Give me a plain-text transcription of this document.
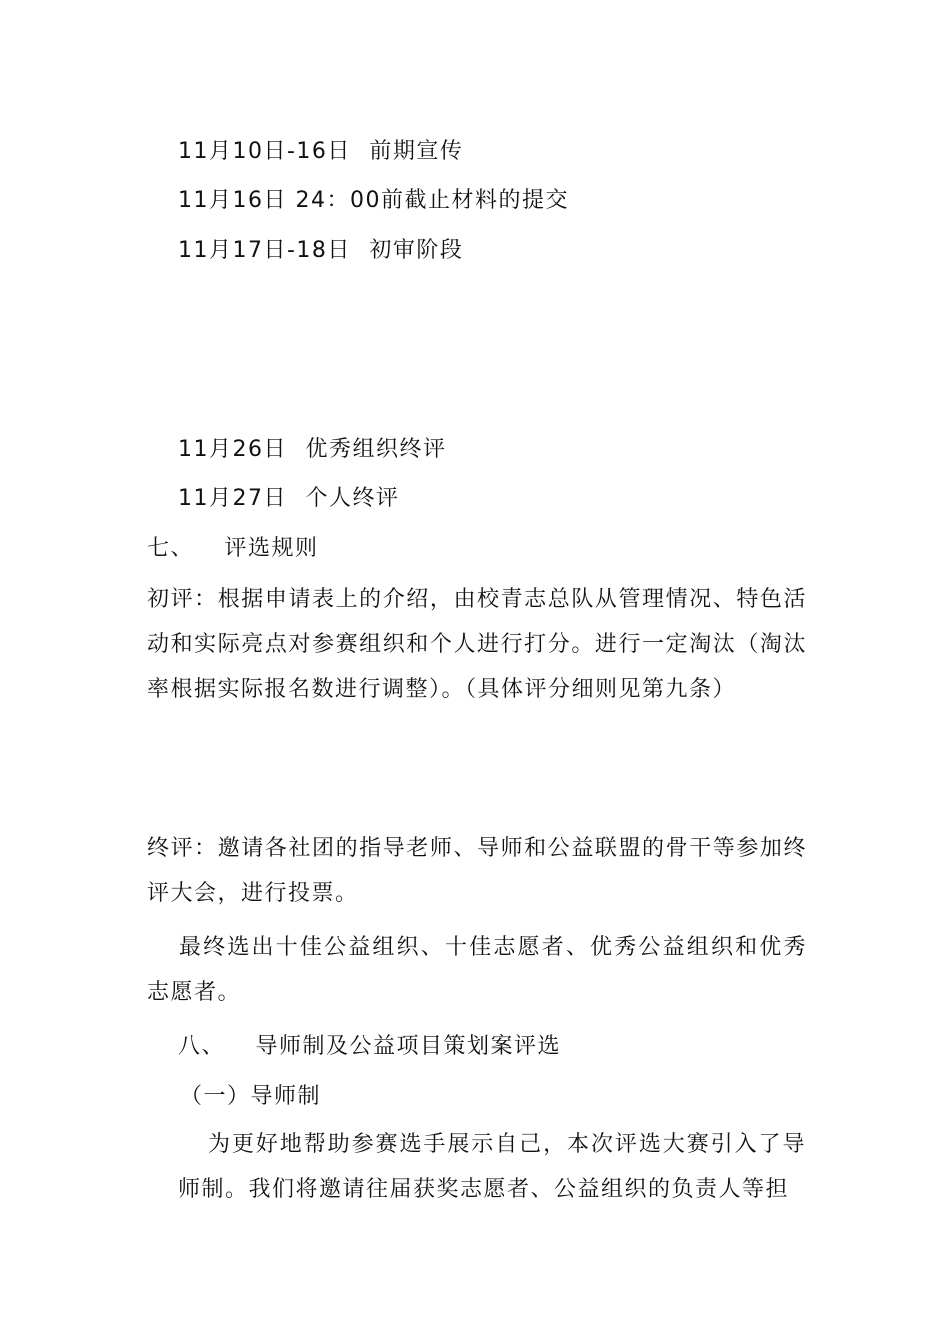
11月10日-16日 前期宣传
11月16日 24：00前截止材料的提交
11月17日-18日 初审阶段
11月26日 优秀组织终评
11月27日 个人终评
七、 评选规则
初评：根据申请表上的介绍，由校青志总队从管理情况、特色活动和实际亮点对参赛组织和个人进行打分。进行一定淘汰（淘汰率根据实际报名数进行调整）。（具体评分细则见第九条）
终评：邀请各社团的指导老师、导师和公益联盟的骨干等参加终评大会，进行投票。
最终选出十佳公益组织、十佳志愿者、优秀公益组织和优秀志愿者。
八、 导师制及公益项目策划案评选
（一）导师制
为更好地帮助参赛选手展示自己，本次评选大赛引入了导师制。我们将邀请往届获奖志愿者、公益组织的负责人等担
